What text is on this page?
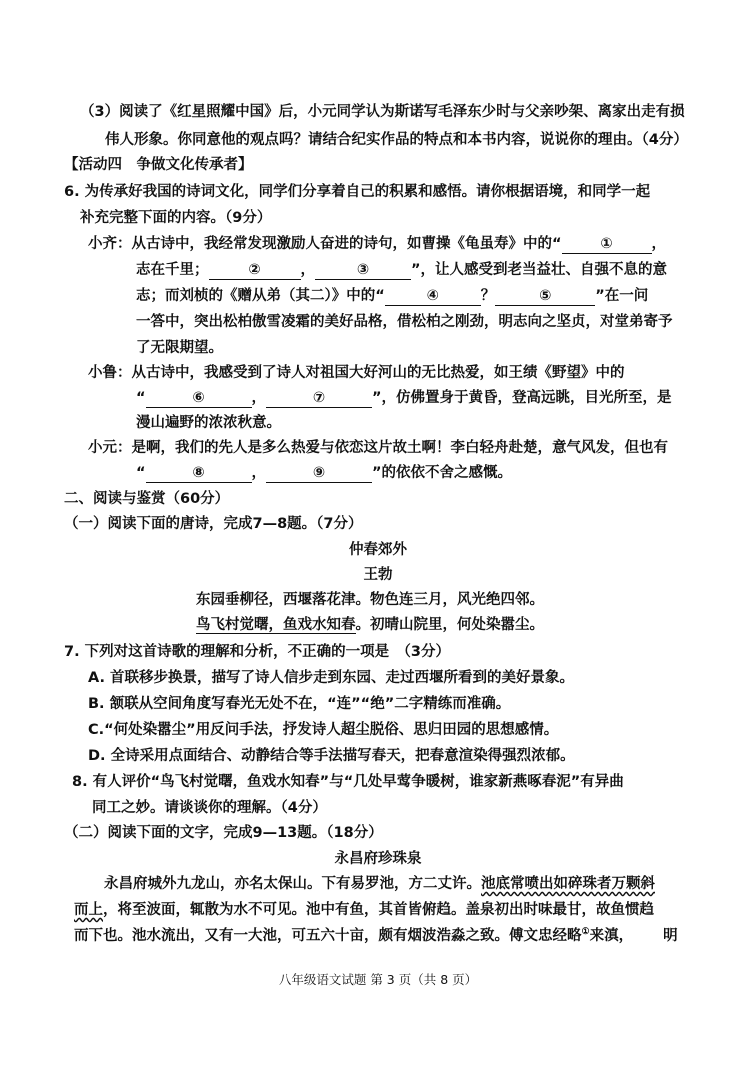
（3）阅读了《红星照耀中国》后，小元同学认为斯诺写毛泽东少时与父亲吵架、离家出走有损
伟人形象。你同意他的观点吗？请结合纪实作品的特点和本书内容，说说你的理由。（4分）
【活动四　争做文化传承者】
6. 为传承好我国的诗词文化，同学们分享着自己的积累和感悟。请你根据语境，和同学一起
补充完整下面的内容。（9分）
小齐：从古诗中，我经常发现激励人奋进的诗句，如曹操《龟虽寿》中的“	①	，
志在千里；	②	，	③	”，让人感受到老当益壮、自强不息的意
志；而刘桢的《赠从弟（其二）》中的“	④	？	⑤	”在一问
一答中，突出松柏傲雪凌霜的美好品格，借松柏之刚劲，明志向之坚贞，对堂弟寄予
了无限期望。
小鲁：从古诗中，我感受到了诗人对祖国大好河山的无比热爱，如王绩《野望》中的
“	⑥	，	⑦	”，仿佛置身于黄昏，登高远眺，目光所至，是
漫山遍野的浓浓秋意。
小元：是啊，我们的先人是多么热爱与依恋这片故土啊！李白轻舟赴楚，意气风发，但也有
“	⑧	，	⑨	”的依依不舍之感慨。
二、阅读与鉴赏（60分）
（一）阅读下面的唐诗，完成7—8题。（7分）
仲春郊外
王勃
东园垂柳径，西堰落花津。物色连三月，风光绝四邻。
鸟飞村觉曙，鱼戏水知春。初晴山院里，何处染嚣尘。
7. 下列对这首诗歌的理解和分析，不正确的一项是　（3分）
A. 首联移步换景，描写了诗人信步走到东园、走过西堰所看到的美好景象。
B. 颔联从空间角度写春光无处不在，“连”“绝”二字精练而准确。
C.“何处染嚣尘”用反问手法，抒发诗人超尘脱俗、思归田园的思想感情。
D. 全诗采用点面结合、动静结合等手法描写春天，把春意渲染得强烈浓郁。
8. 有人评价“鸟飞村觉曙，鱼戏水知春”与“几处早莺争暖树，谁家新燕啄春泥”有异曲
同工之妙。请谈谈你的理解。（4分）
（二）阅读下面的文字，完成9—13题。（18分）
永昌府珍珠泉
永昌府城外九龙山，亦名太保山。下有易罗池，方二丈许。池底常喷出如碎珠者万颗斜
而上，将至波面，辄散为水不可见。池中有鱼，其首皆俯趋。盖泉初出时味最甘，故鱼惯趋
而下也。池水流出，又有一大池，可五六十亩，颇有烟波浩淼之致。傅文忠经略①来滇， 明
八年级语文试题 第 3 页（共 8 页）
